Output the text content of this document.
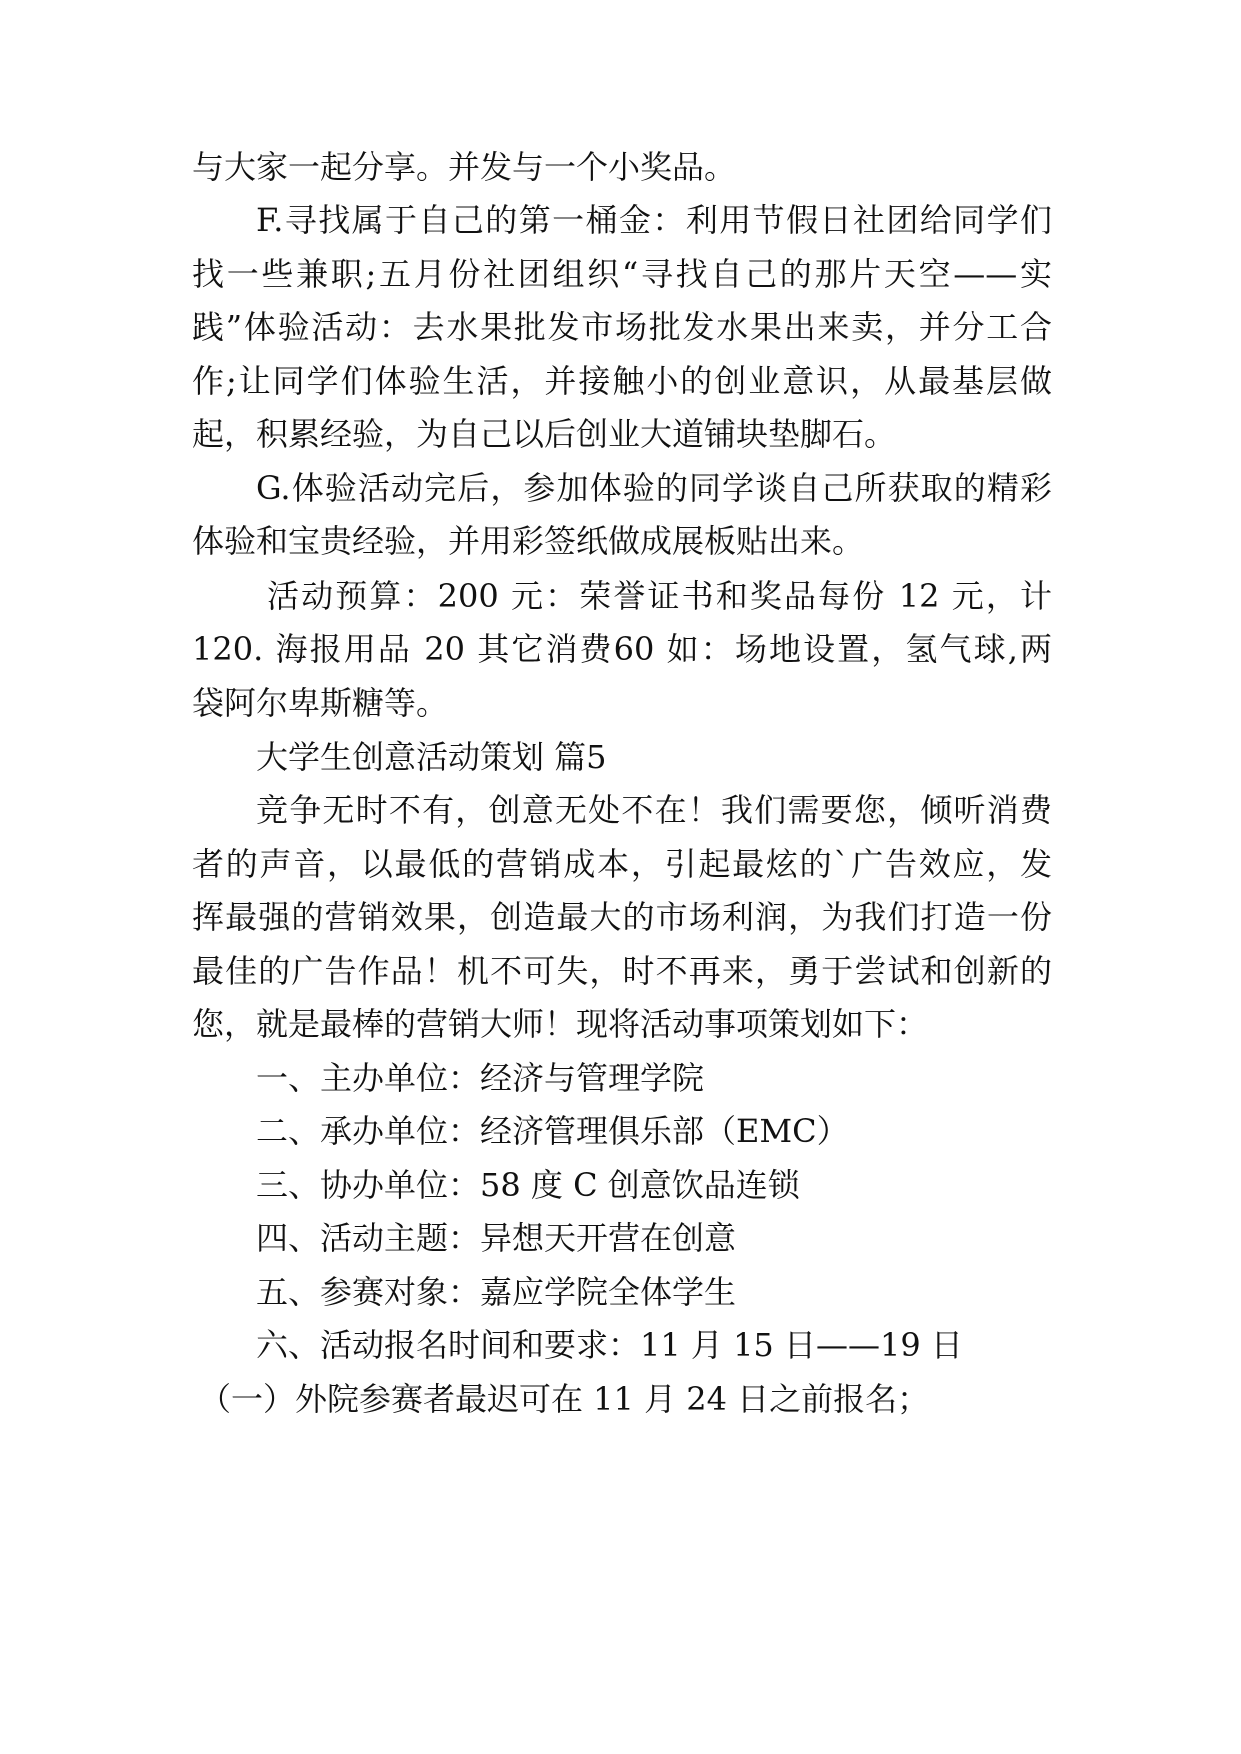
与大家一起分享。并发与一个小奖品。
F.寻找属于自己的第一桶金：利用节假日社团给同学们
找一些兼职;五月份社团组织“寻找自己的那片天空——实
践”体验活动：去水果批发市场批发水果出来卖，并分工合
作;让同学们体验生活，并接触小的创业意识，从最基层做
起，积累经验，为自己以后创业大道铺块垫脚石。
G.体验活动完后，参加体验的同学谈自己所获取的精彩
体验和宝贵经验，并用彩签纸做成展板贴出来。
活动预算：200 元：荣誉证书和奖品每份 12 元，计
120. 海报用品 20 其它消费60 如：场地设置，氢气球,两
袋阿尔卑斯糖等。
大学生创意活动策划 篇5
竞争无时不有，创意无处不在！我们需要您，倾听消费
者的声音，以最低的营销成本，引起最炫的`广告效应，发
挥最强的营销效果，创造最大的市场利润，为我们打造一份
最佳的广告作品！机不可失，时不再来，勇于尝试和创新的
您，就是最棒的营销大师！现将活动事项策划如下：
一、主办单位：经济与管理学院
二、承办单位：经济管理俱乐部（EMC）
三、协办单位：58 度 C 创意饮品连锁
四、活动主题：异想天开营在创意
五、参赛对象：嘉应学院全体学生
六、活动报名时间和要求：11 月 15 日——19 日
（一）外院参赛者最迟可在 11 月 24 日之前报名；
